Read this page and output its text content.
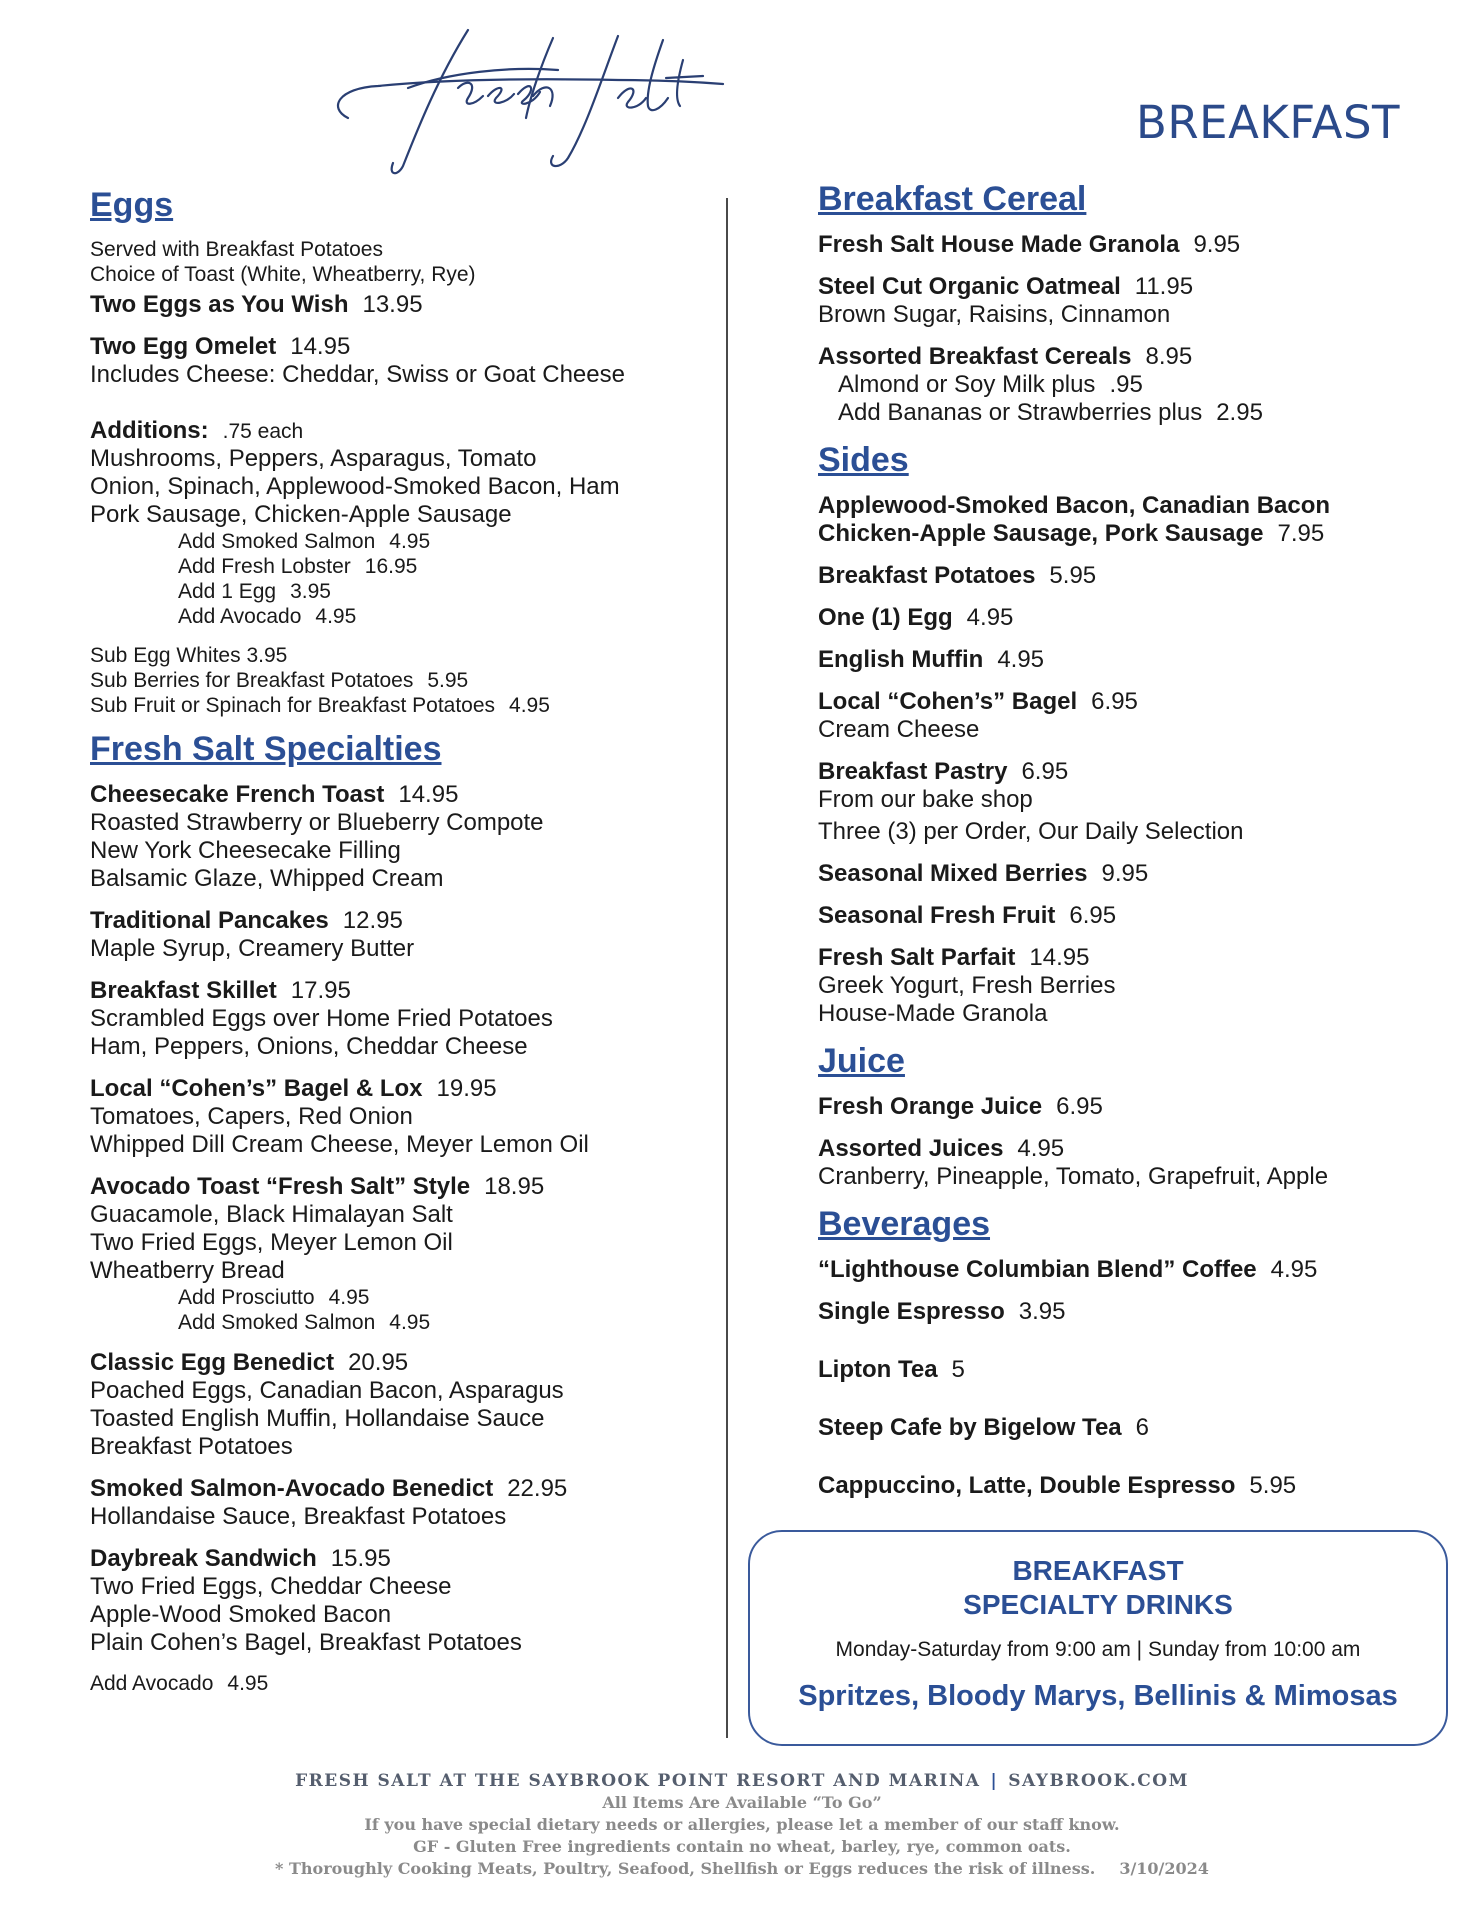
BREAKFAST
Eggs
Served with Breakfast Potatoes
Choice of Toast (White, Wheatberry, Rye)
Two Eggs as You Wish 13.95
Two Egg Omelet 14.95
Includes Cheese: Cheddar, Swiss or Goat Cheese
Additions: .75 each
Mushrooms, Peppers, Asparagus, Tomato
Onion, Spinach, Applewood-Smoked Bacon, Ham
Pork Sausage, Chicken-Apple Sausage
Add Smoked Salmon 4.95
Add Fresh Lobster 16.95
Add 1 Egg 3.95
Add Avocado 4.95
Sub Egg Whites 3.95
Sub Berries for Breakfast Potatoes 5.95
Sub Fruit or Spinach for Breakfast Potatoes 4.95
Fresh Salt Specialties
Cheesecake French Toast 14.95
Roasted Strawberry or Blueberry Compote
New York Cheesecake Filling
Balsamic Glaze, Whipped Cream
Traditional Pancakes 12.95
Maple Syrup, Creamery Butter
Breakfast Skillet 17.95
Scrambled Eggs over Home Fried Potatoes
Ham, Peppers, Onions, Cheddar Cheese
Local “Cohen’s” Bagel & Lox 19.95
Tomatoes, Capers, Red Onion
Whipped Dill Cream Cheese, Meyer Lemon Oil
Avocado Toast “Fresh Salt” Style 18.95
Guacamole, Black Himalayan Salt
Two Fried Eggs, Meyer Lemon Oil
Wheatberry Bread
Add Prosciutto 4.95
Add Smoked Salmon 4.95
Classic Egg Benedict 20.95
Poached Eggs, Canadian Bacon, Asparagus
Toasted English Muffin, Hollandaise Sauce
Breakfast Potatoes
Smoked Salmon-Avocado Benedict 22.95
Hollandaise Sauce, Breakfast Potatoes
Daybreak Sandwich 15.95
Two Fried Eggs, Cheddar Cheese
Apple-Wood Smoked Bacon
Plain Cohen’s Bagel, Breakfast Potatoes
Add Avocado 4.95
Breakfast Cereal
Fresh Salt House Made Granola 9.95
Steel Cut Organic Oatmeal 11.95
Brown Sugar, Raisins, Cinnamon
Assorted Breakfast Cereals 8.95
Almond or Soy Milk plus .95
Add Bananas or Strawberries plus 2.95
Sides
Applewood-Smoked Bacon, Canadian Bacon
Chicken-Apple Sausage, Pork Sausage 7.95
Breakfast Potatoes 5.95
One (1) Egg 4.95
English Muffin 4.95
Local “Cohen’s” Bagel 6.95
Cream Cheese
Breakfast Pastry 6.95
From our bake shop
Three (3) per Order, Our Daily Selection
Seasonal Mixed Berries 9.95
Seasonal Fresh Fruit 6.95
Fresh Salt Parfait 14.95
Greek Yogurt, Fresh Berries
House-Made Granola
Juice
Fresh Orange Juice 6.95
Assorted Juices 4.95
Cranberry, Pineapple, Tomato, Grapefruit, Apple
Beverages
“Lighthouse Columbian Blend” Coffee 4.95
Single Espresso 3.95
Lipton Tea 5
Steep Cafe by Bigelow Tea 6
Cappuccino, Latte, Double Espresso 5.95
BREAKFAST
SPECIALTY DRINKS
Monday-Saturday from 9:00 am | Sunday from 10:00 am
Spritzes, Bloody Marys, Bellinis & Mimosas
FRESH SALT AT THE SAYBROOK POINT RESORT AND MARINA | SAYBROOK.COM
All Items Are Available “To Go”
If you have special dietary needs or allergies, please let a member of our staff know.
GF - Gluten Free ingredients contain no wheat, barley, rye, common oats.
* Thoroughly Cooking Meats, Poultry, Seafood, Shellfish or Eggs reduces the risk of illness. 3/10/2024
